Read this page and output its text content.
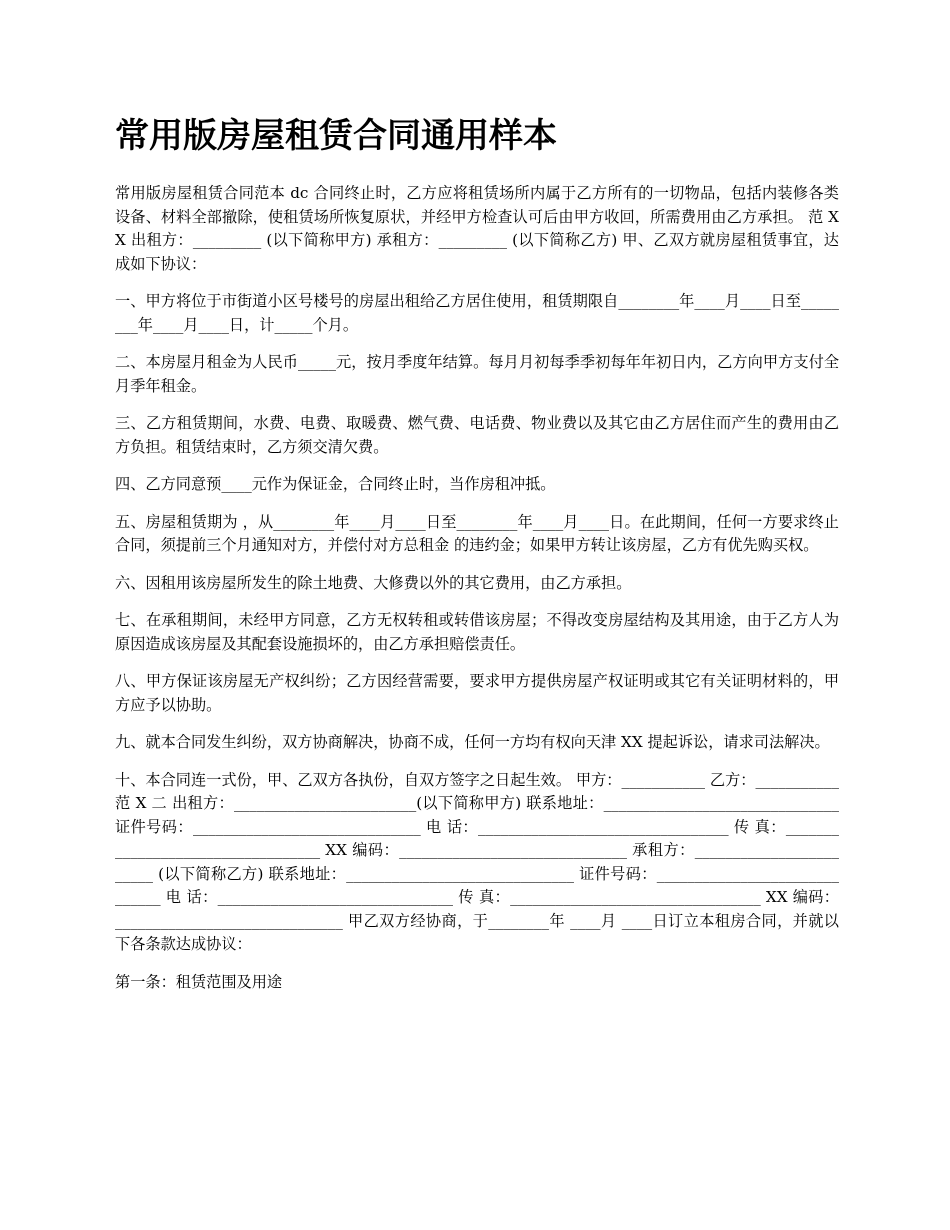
常用版房屋租赁合同通用样本

常用版房屋租赁合同范本 dc 合同终止时，乙方应将租赁场所内属于乙方所有的一切物品，包括内装修各类设备、材料全部撤除，使租赁场所恢复原状，并经甲方检查认可后由甲方收回，所需费用由乙方承担。 范 XX 出租方：_________ (以下简称甲方) 承租方：_________ (以下简称乙方) 甲、乙双方就房屋租赁事宜，达成如下协议：

一、甲方将位于市街道小区号楼号的房屋出租给乙方居住使用，租赁期限自________年____月____日至________年____月____日，计_____个月。

二、本房屋月租金为人民币_____元，按月季度年结算。每月月初每季季初每年年初日内，乙方向甲方支付全月季年租金。

三、乙方租赁期间，水费、电费、取暖费、燃气费、电话费、物业费以及其它由乙方居住而产生的费用由乙方负担。租赁结束时，乙方须交清欠费。

四、乙方同意预____元作为保证金，合同终止时，当作房租冲抵。

五、房屋租赁期为 ，从________年____月____日至________年____月____日。在此期间，任何一方要求终止合同，须提前三个月通知对方，并偿付对方总租金 的违约金；如果甲方转让该房屋，乙方有优先购买权。

六、因租用该房屋所发生的除土地费、大修费以外的其它费用，由乙方承担。

七、在承租期间，未经甲方同意，乙方无权转租或转借该房屋；不得改变房屋结构及其用途，由于乙方人为原因造成该房屋及其配套设施损坏的，由乙方承担赔偿责任。

八、甲方保证该房屋无产权纠纷；乙方因经营需要，要求甲方提供房屋产权证明或其它有关证明材料的，甲方应予以协助。

九、就本合同发生纠纷，双方协商解决，协商不成，任何一方均有权向天津 XX 提起诉讼，请求司法解决。

十、本合同连一式份，甲、乙双方各执份，自双方签字之日起生效。 甲方：___________ 乙方：___________ 范 X 二 出租方：________________________(以下简称甲方) 联系地址：_______________________________ 证件号码：______________________________ 电 话：_________________________________ 传 真：__________________________________ XX 编码：______________________________ 承租方：________________________ (以下简称乙方) 联系地址：______________________________ 证件号码：______________________________ 电 话：_______________________________ 传 真：_________________________________ XX 编码：______________________________ 甲乙双方经协商，于________年 ____月 ____日订立本租房合同，并就以下各条款达成协议：

第一条：租赁范围及用途
